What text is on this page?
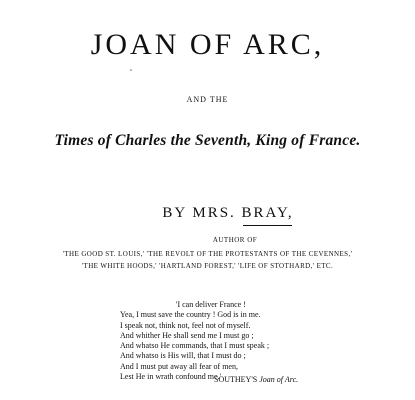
JOAN OF ARC,
AND THE
Times of Charles the Seventh, King of France.
BY MRS. BRAY,
AUTHOR OF
'THE GOOD ST. LOUIS,' 'THE REVOLT OF THE PROTESTANTS OF THE CEVENNES,'
'THE WHITE HOODS,' 'HARTLAND FOREST,' 'LIFE OF STOTHARD,' ETC.
'I can deliver France !
Yea, I must save the country ! God is in me.
I speak not, think not, feel not of myself.
And whither He shall send me I must go ;
And whatso He commands, that I must speak ;
And whatso is His will, that I must do ;
And I must put away all fear of men,
Lest He in wrath confound me.'
SOUTHEY'S Joan of Arc.
